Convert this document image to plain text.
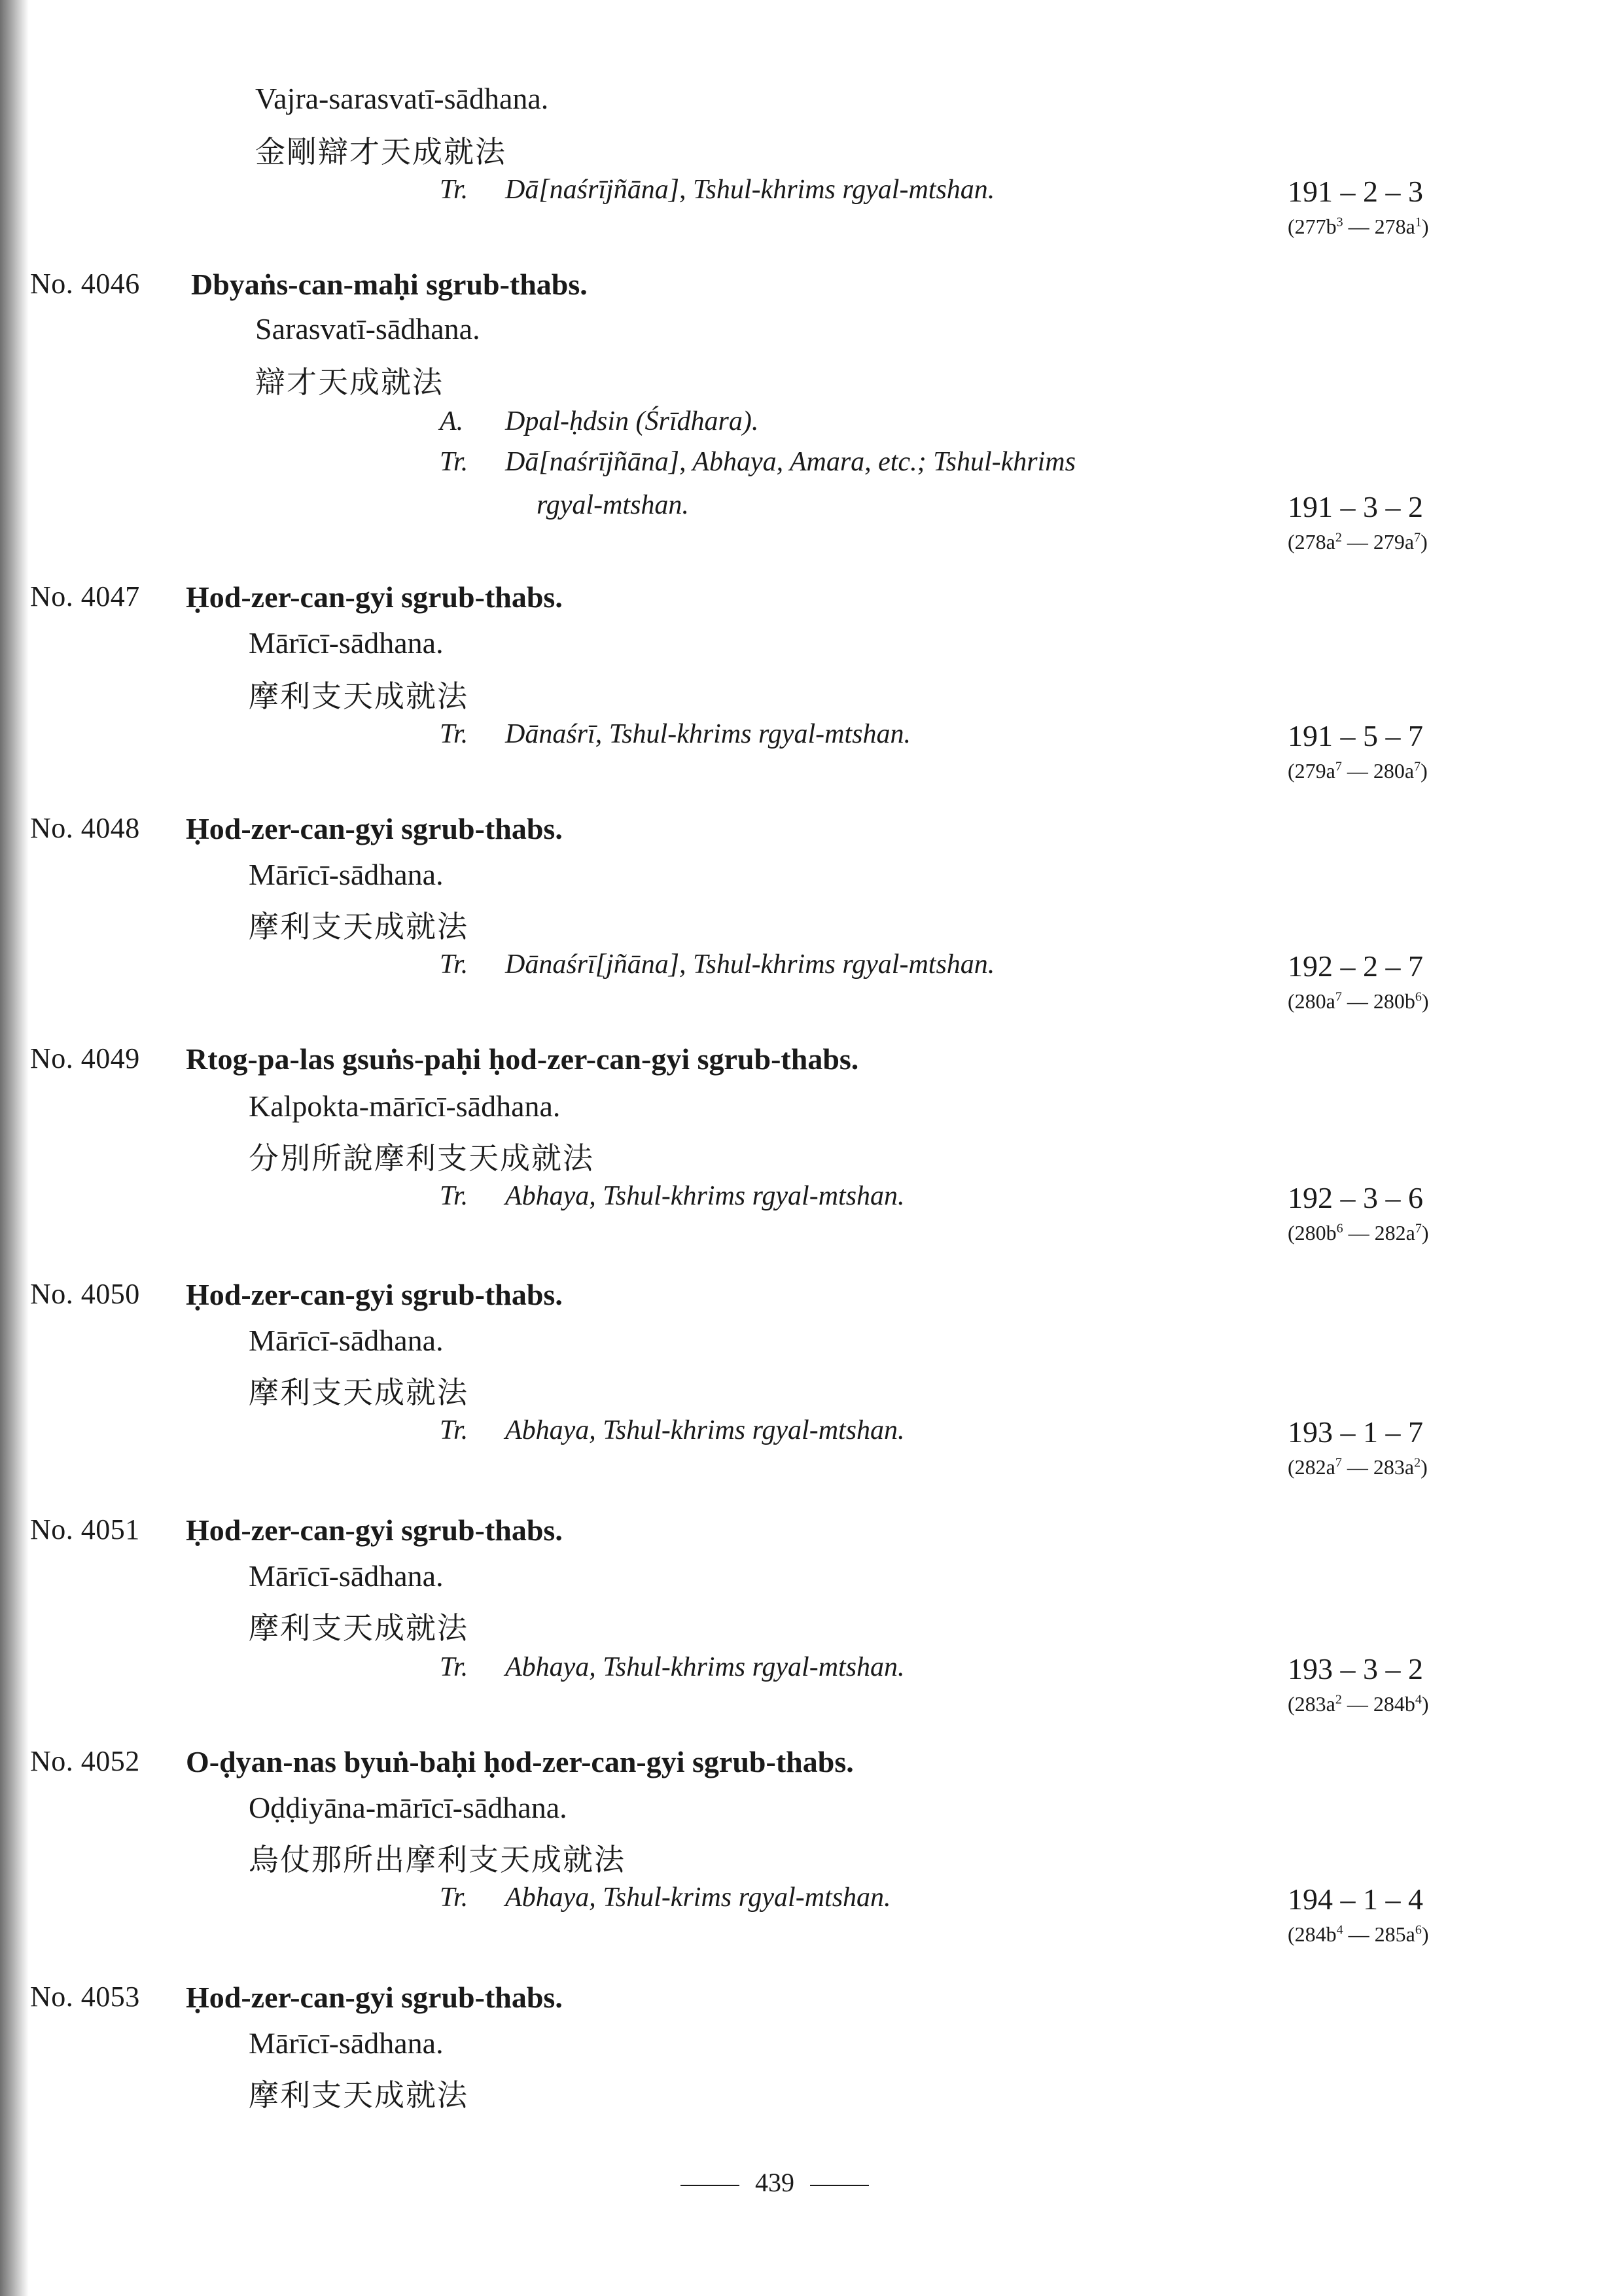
Vajra-sarasvatī-sādhana.
金剛辯才天成就法
Tr. Dā[naśrījñāna], Tshul-khrims rgyal-mtshan.	191 – 2 – 3
($277b^3$ — $278a^1$)
No. 4046 Dbyaṅs-can-maḥi sgrub-thabs.
Sarasvatī-sādhana.
辯才天成就法
A. Dpal-ḥdsin (Śrīdhara).
Tr. Dā[naśrījñāna], Abhaya, Amara, etc.; Tshul-khrims
rgyal-mtshan.	191 – 3 – 2
($278a^2$ — $279a^7$)
No. 4047 Ḥod-zer-can-gyi sgrub-thabs.
Mārīcī-sādhana.
摩利支天成就法
Tr. Dānaśrī, Tshul-khrims rgyal-mtshan.	191 – 5 – 7
($279a^7$ — $280a^7$)
No. 4048 Ḥod-zer-can-gyi sgrub-thabs.
Mārīcī-sādhana.
摩利支天成就法
Tr. Dānaśrī[jñāna], Tshul-khrims rgyal-mtshan.	192 – 2 – 7
($280a^7$ — $280b^6$)
No. 4049 Rtog-pa-las gsuṅs-paḥi ḥod-zer-can-gyi sgrub-thabs.
Kalpokta-mārīcī-sādhana.
分別所說摩利支天成就法
Tr. Abhaya, Tshul-khrims rgyal-mtshan.	192 – 3 – 6
($280b^6$ — $282a^7$)
No. 4050 Ḥod-zer-can-gyi sgrub-thabs.
Mārīcī-sādhana.
摩利支天成就法
Tr. Abhaya, Tshul-khrims rgyal-mtshan.	193 – 1 – 7
($282a^7$ — $283a^2$)
No. 4051 Ḥod-zer-can-gyi sgrub-thabs.
Mārīcī-sādhana.
摩利支天成就法
Tr. Abhaya, Tshul-khrims rgyal-mtshan.	193 – 3 – 2
($283a^2$ — $284b^4$)
No. 4052 O-ḍyan-nas byuṅ-baḥi ḥod-zer-can-gyi sgrub-thabs.
Oḍḍiyāna-mārīcī-sādhana.
烏仗那所出摩利支天成就法
Tr. Abhaya, Tshul-krims rgyal-mtshan.	194 – 1 – 4
($284b^4$ — $285a^6$)
No. 4053 Ḥod-zer-can-gyi sgrub-thabs.
Mārīcī-sādhana.
摩利支天成就法
439
